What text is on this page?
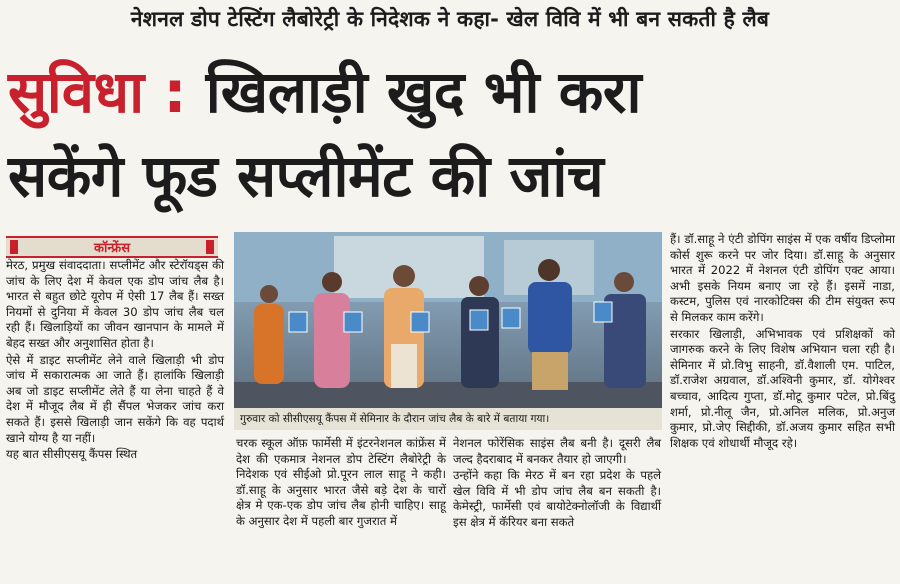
नेशनल डोप टेस्टिंग लैबोरेट्री के निदेशक ने कहा- खेल विवि में भी बन सकती है लैब
सुविधा : खिलाड़ी खुद भी करा
सकेंगे फूड सप्लीमेंट की जांच
कॉन्फ्रेंस

मेरठ, प्रमुख संवाददाता। सप्लीमेंट और स्टेरॉयड्स की जांच के लिए देश में केवल एक डोप जांच लैब है। भारत से बहुत छोटे यूरोप में ऐसी 17 लैब हैं। सख्त नियमों से दुनिया में केवल 30 डोप जांच लैब चल रही हैं। खिलाड़ियों का जीवन खानपान के मामले में बेहद सख्त और अनुशासित होता है।

ऐसे में डाइट सप्लीमेंट लेने वाले खिलाड़ी भी डोप जांच में सकारात्मक आ जाते हैं। हालांकि खिलाड़ी अब जो डाइट सप्लीमेंट लेते हैं या लेना चाहते हैं वे देश में मौजूद लैब में ही सैंपल भेजकर जांच करा सकते हैं। इससे खिलाड़ी जान सकेंगे कि वह पदार्थ खाने योग्य है या नहीं।

यह बात सीसीएसयू कैंपस स्थित

गुरुवार को सीसीएसयू कैंपस में सेमिनार के दौरान जांच लैब के बारे में बताया गया।

चरक स्कूल ऑफ़ फार्मेसी में इंटरनेशनल कांफ्रेंस में देश की एकमात्र नेशनल डोप टेस्टिंग लैबोरेट्री के निदेशक एवं सीईओ प्रो.पूरन लाल साहू ने कही। डॉ.साहू के अनुसार भारत जैसे बड़े देश के चारों क्षेत्र मे एक-एक डोप जांच लैब होनी चाहिए। साहू के अनुसार देश में पहली बार गुजरात में

नेशनल फोरेंसिक साइंस लैब बनी है। दूसरी लैब जल्द हैदराबाद में बनकर तैयार हो जाएगी।

उन्होंने कहा कि मेरठ में बन रहा प्रदेश के पहले खेल विवि में भी डोप जांच लैब बन सकती है। केमेस्ट्री, फार्मेसी एवं बायोटेक्नोलॉजी के विद्यार्थी इस क्षेत्र में कॅरियर बना सकते

हैं। डॉ.साहू ने एंटी डोपिंग साइंस में एक वर्षीय डिप्लोमा कोर्स शुरू करने पर जोर दिया। डॉ.साहू के अनुसार भारत में 2022 में नेशनल एंटी डोपिंग एक्ट आया। अभी इसके नियम बनाए जा रहे हैं। इसमें नाडा, कस्टम, पुलिस एवं नारकोटिक्स की टीम संयुक्त रूप से मिलकर काम करेंगे।

सरकार खिलाड़ी, अभिभावक एवं प्रशिक्षकों को जागरुक करने के लिए विशेष अभियान चला रही है। सेमिनार में प्रो.विभु साहनी, डॉ.वैशाली एम. पाटिल, डॉ.राजेश अग्रवाल, डॉ.अश्विनी कुमार, डॉ. योगेश्वर बच्चाव, आदित्य गुप्ता, डॉ.मोटू कुमार पटेल, प्रो.बिंदु शर्मा, प्रो.नीलू जैन, प्रो.अनिल मलिक, प्रो.अनुज कुमार, प्रो.जेए सिद्दीकी, डॉ.अजय कुमार सहित सभी शिक्षक एवं शोधार्थी मौजूद रहे।
